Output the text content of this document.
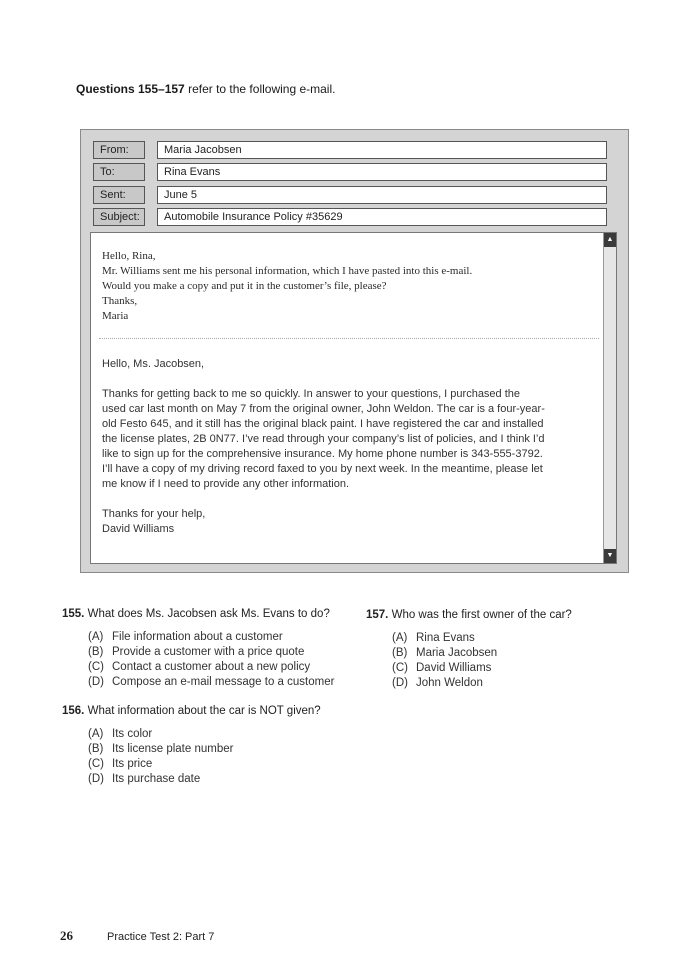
Questions 155–157 refer to the following e-mail.
From:	Maria Jacobsen
To:	Rina Evans
Sent:	June 5
Subject:	Automobile Insurance Policy #35629
Hello, Rina,
Mr. Williams sent me his personal information, which I have pasted into this e-mail.
Would you make a copy and put it in the customer’s file, please?
Thanks,
Maria

Hello, Ms. Jacobsen,

Thanks for getting back to me so quickly. In answer to your questions, I purchased the

used car last month on May 7 from the original owner, John Weldon. The car is a four-year-

old Festo 645, and it still has the original black paint. I have registered the car and installed

the license plates, 2B 0N77. I’ve read through your company’s list of policies, and I think I’d

like to sign up for the comprehensive insurance. My home phone number is 343-555-3792.

I’ll have a copy of my driving record faxed to you by next week. In the meantime, please let

me know if I need to provide any other information.

Thanks for your help,

David Williams

▲
▼
155. What does Ms. Jacobsen ask Ms. Evans to do?
(A) File information about a customer
(B) Provide a customer with a price quote
(C) Contact a customer about a new policy
(D) Compose an e-mail message to a customer
157. Who was the first owner of the car?
(A) Rina Evans
(B) Maria Jacobsen
(C) David Williams
(D) John Weldon
156. What information about the car is NOT given?
(A) Its color
(B) Its license plate number
(C) Its price
(D) Its purchase date
26	Practice Test 2: Part 7
